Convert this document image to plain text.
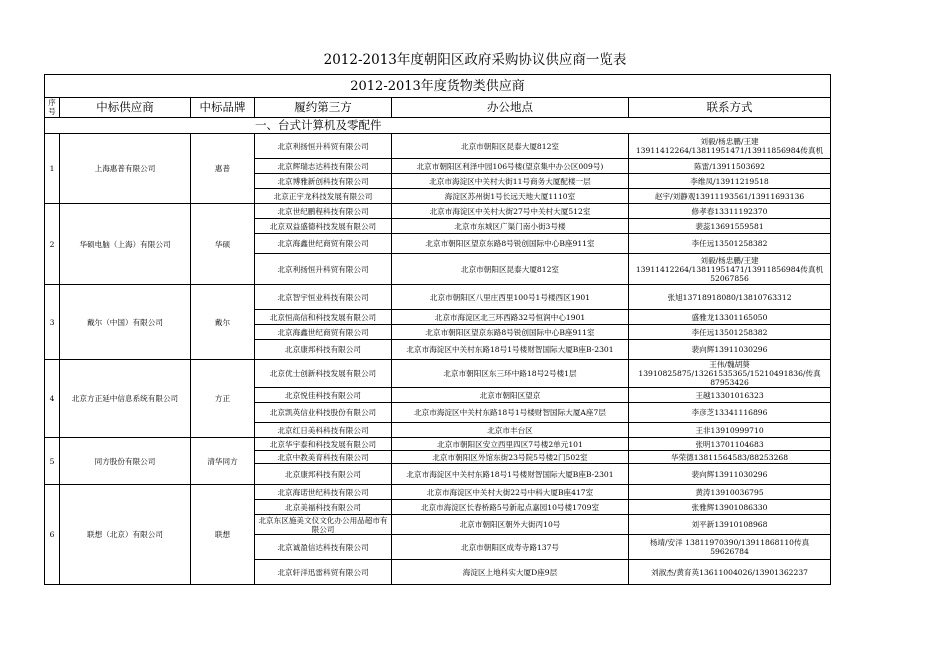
2012-2013年度朝阳区政府采购协议供应商一览表
2012-2013年度货物类供应商					
序号	中标供应商	中标品牌	履约第三方	办公地点	联系方式
一、台式计算机及零配件					
1	上海惠普有限公司	惠普	北京利扬恒升科贸有限公司	北京市朝阳区昆泰大厦812室	刘毅/杨忠鹏/王建 13911412264/13811951471/13911856984传真机
			北京辉瑞志达科技有限公司	北京市朝阳区利泽中园106号楼(望京集中办公区009号)	陈雷/13911503692
			北京博雅新创科技有限公司	北京市海淀区中关村大街11号商务大厦配楼一层	李维凤/13911219518
			北京正宇龙科技发展有限公司	海淀区苏州街1号长远天地大厦1110室	赵宇/刘静观13911193561/13911693136
2	华硕电脑（上海）有限公司	华硕	北京世纪鹏程科技有限公司	北京市海淀区中关村大街27号中关村大厦512室	修孝春13311192370
			北京双益盛德科技发展有限公司	北京市东城区广渠门南小街3号楼	裴蕊13691559581
			北京海鑫世纪商贸有限公司	北京市朝阳区望京东路8号锐创国际中心B座911室	李任远13501258382
			北京利扬恒升科贸有限公司	北京市朝阳区昆泰大厦812室	刘毅/杨忠鹏/王建 13911412264/13811951471/13911856984传真机 52067856
3	戴尔（中国）有限公司	戴尔	北京智宇恒业科技有限公司	北京市朝阳区八里庄西里100号1号楼西区1901	张旭13718918080/13810763312
			北京恒高信和科技发展有限公司	北京市海淀区北三环西路32号恒润中心1901	盛雅龙13301165050
			北京海鑫世纪商贸有限公司	北京市朝阳区望京东路8号锐创国际中心B座911室	李任远13501258382
			北京康邦科技有限公司	北京市海淀区中关村东路18号1号楼财智国际大厦B座B-2301	裴向辉13911030296
4	北京方正延中信息系统有限公司	方正	北京优士创新科技发展有限公司	北京市朝阳区东三环中路18号2号楼1层	王伟/魏胡葵13910825875/13261535365/15210491836/传真87953426
			北京悦佳科技有限公司	北京市朝阳区望京	王越13301016323
			北京凯英信业科技股份有限公司	北京市海淀区中关村东路18号1号楼财智国际大厦A座7层	李彦芝13341116896
			北京红日美科科技有限公司	北京市丰台区	王非13910999710
5	同方股份有限公司	清华同方	北京华宇泰和科技发展有限公司	北京市朝阳区安立西里四区7号楼2单元101	张明13701104683
			北京中教美育科技有限公司	北京市朝阳区外馆东街23号院5号楼2门502室	华荣德13811564583/88253268
			北京康邦科技有限公司	北京市海淀区中关村东路18号1号楼财智国际大厦B座B-2301	裴向辉13911030296
6	联想（北京）有限公司	联想	北京海诺世纪科技有限公司	北京市海淀区中关村大街22号中科大厦B座417室	黄涛13910036795
			北京美福科技有限公司	北京市海淀区长春桥路5号新起点嘉园10号楼1709室	张雅辉13901086330
			北京东区施美文仪文化办公用品超市有限公司	北京市朝阳区朝外大街丙10号	刘平新13910108968
			北京诚盈信达科技有限公司	北京市朝阳区成寿寺路137号	杨靖/安洋 13811970390/13911868110传真59626784
			北京轩洋迅雷科贸有限公司	海淀区上地科实大厦D座9层	刘淑杰/黄育英13611004026/13901362237
